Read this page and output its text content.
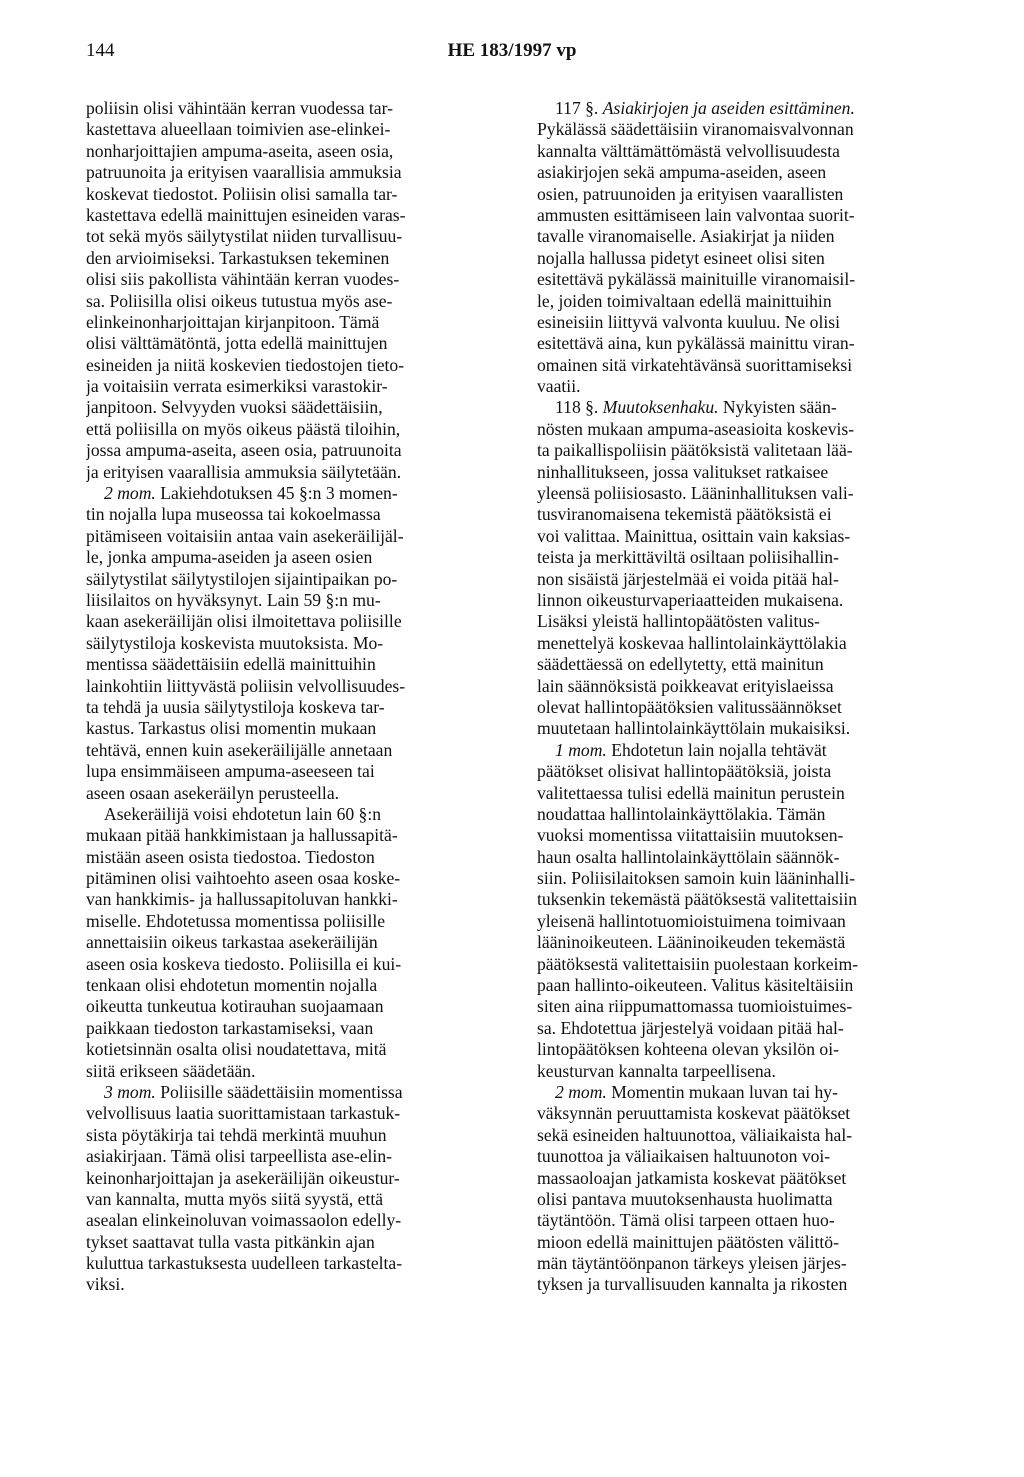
144	HE 183/1997 vp
poliisin olisi vähintään kerran vuodessa tar-
kastettava alueellaan toimivien ase-elinkei-
nonharjoittajien ampuma-aseita, aseen osia,
patruunoita ja erityisen vaarallisia ammuksia
koskevat tiedostot. Poliisin olisi samalla tar-
kastettava edellä mainittujen esineiden varas-
tot sekä myös säilytystilat niiden turvallisuu-
den arvioimiseksi. Tarkastuksen tekeminen
olisi siis pakollista vähintään kerran vuodes-
sa. Poliisilla olisi oikeus tutustua myös ase-
elinkeinonharjoittajan kirjanpitoon. Tämä
olisi välttämätöntä, jotta edellä mainittujen
esineiden ja niitä koskevien tiedostojen tieto-
ja voitaisiin verrata esimerkiksi varastokir-
janpitoon. Selvyyden vuoksi säädettäisiin,
että poliisilla on myös oikeus päästä tiloihin,
jossa ampuma-aseita, aseen osia, patruunoita
ja erityisen vaarallisia ammuksia säilytetään.
2 mom. Lakiehdotuksen 45 §:n 3 momen-
tin nojalla lupa museossa tai kokoelmassa
pitämiseen voitaisiin antaa vain asekeräilijäl-
le, jonka ampuma-aseiden ja aseen osien
säilytystilat säilytystilojen sijaintipaikan po-
liisilaitos on hyväksynyt. Lain 59 §:n mu-
kaan asekeräilijän olisi ilmoitettava poliisille
säilytystiloja koskevista muutoksista. Mo-
mentissa säädettäisiin edellä mainittuihin
lainkohtiin liittyvästä poliisin velvollisuudes-
ta tehdä ja uusia säilytystiloja koskeva tar-
kastus. Tarkastus olisi momentin mukaan
tehtävä, ennen kuin asekeräilijälle annetaan
lupa ensimmäiseen ampuma-aseeseen tai
aseen osaan asekeräilyn perusteella.
Asekeräilijä voisi ehdotetun lain 60 §:n
mukaan pitää hankkimistaan ja hallussapitä-
mistään aseen osista tiedostoa. Tiedoston
pitäminen olisi vaihtoehto aseen osaa koske-
van hankkimis- ja hallussapitoluvan hankki-
miselle. Ehdotetussa momentissa poliisille
annettaisiin oikeus tarkastaa asekeräilijän
aseen osia koskeva tiedosto. Poliisilla ei kui-
tenkaan olisi ehdotetun momentin nojalla
oikeutta tunkeutua kotirauhan suojaamaan
paikkaan tiedoston tarkastamiseksi, vaan
kotietsinnän osalta olisi noudatettava, mitä
siitä erikseen säädetään.
3 mom. Poliisille säädettäisiin momentissa
velvollisuus laatia suorittamistaan tarkastuk-
sista pöytäkirja tai tehdä merkintä muuhun
asiakirjaan. Tämä olisi tarpeellista ase-elin-
keinonharjoittajan ja asekeräilijän oikeustur-
van kannalta, mutta myös siitä syystä, että
asealan elinkeinoluvan voimassaolon edelly-
tykset saattavat tulla vasta pitkänkin ajan
kuluttua tarkastuksesta uudelleen tarkastelta-
viksi.
117 §. Asiakirjojen ja aseiden esittäminen.
Pykälässä säädettäisiin viranomaisvalvonnan
kannalta välttämättömästä velvollisuudesta
asiakirjojen sekä ampuma-aseiden, aseen
osien, patruunoiden ja erityisen vaarallisten
ammusten esittämiseen lain valvontaa suorit-
tavalle viranomaiselle. Asiakirjat ja niiden
nojalla hallussa pidetyt esineet olisi siten
esitettävä pykälässä mainituille viranomaisil-
le, joiden toimivaltaan edellä mainittuihin
esineisiin liittyvä valvonta kuuluu. Ne olisi
esitettävä aina, kun pykälässä mainittu viran-
omainen sitä virkatehtävänsä suorittamiseksi
vaatii.
118 §. Muutoksenhaku. Nykyisten sään-
nösten mukaan ampuma-aseasioita koskevis-
ta paikallispoliisin päätöksistä valitetaan lää-
ninhallitukseen, jossa valitukset ratkaisee
yleensä poliisiosasto. Lääninhallituksen vali-
tusviranomaisena tekemistä päätöksistä ei
voi valittaa. Mainittua, osittain vain kaksias-
teista ja merkittäviltä osiltaan poliisihallin-
non sisäistä järjestelmää ei voida pitää hal-
linnon oikeusturvaperiaatteiden mukaisena.
Lisäksi yleistä hallintopäätösten valitus-
menettelyä koskevaa hallintolainkäyttölakia
säädettäessä on edellytetty, että mainitun
lain säännöksistä poikkeavat erityislaeissa
olevat hallintopäätöksien valitussäännökset
muutetaan hallintolainkäyttölain mukaisiksi.
1 mom. Ehdotetun lain nojalla tehtävät
päätökset olisivat hallintopäätöksiä, joista
valitettaessa tulisi edellä mainitun perustein
noudattaa hallintolainkäyttölakia. Tämän
vuoksi momentissa viitattaisiin muutoksen-
haun osalta hallintolainkäyttölain säännök-
siin. Poliisilaitoksen samoin kuin lääninhalli-
tuksenkin tekemästä päätöksestä valitettaisiin
yleisenä hallintotuomioistuimena toimivaan
lääninoikeuteen. Lääninoikeuden tekemästä
päätöksestä valitettaisiin puolestaan korkeim-
paan hallinto-oikeuteen. Valitus käsiteltäisiin
siten aina riippumattomassa tuomioistuimes-
sa. Ehdotettua järjestelyä voidaan pitää hal-
lintopäätöksen kohteena olevan yksilön oi-
keusturvan kannalta tarpeellisena.
2 mom. Momentin mukaan luvan tai hy-
väksynnän peruuttamista koskevat päätökset
sekä esineiden haltuunottoa, väliaikaista hal-
tuunottoa ja väliaikaisen haltuunoton voi-
massaoloajan jatkamista koskevat päätökset
olisi pantava muutoksenhausta huolimatta
täytäntöön. Tämä olisi tarpeen ottaen huo-
mioon edellä mainittujen päätösten välittö-
män täytäntöönpanon tärkeys yleisen järjes-
tyksen ja turvallisuuden kannalta ja rikosten
